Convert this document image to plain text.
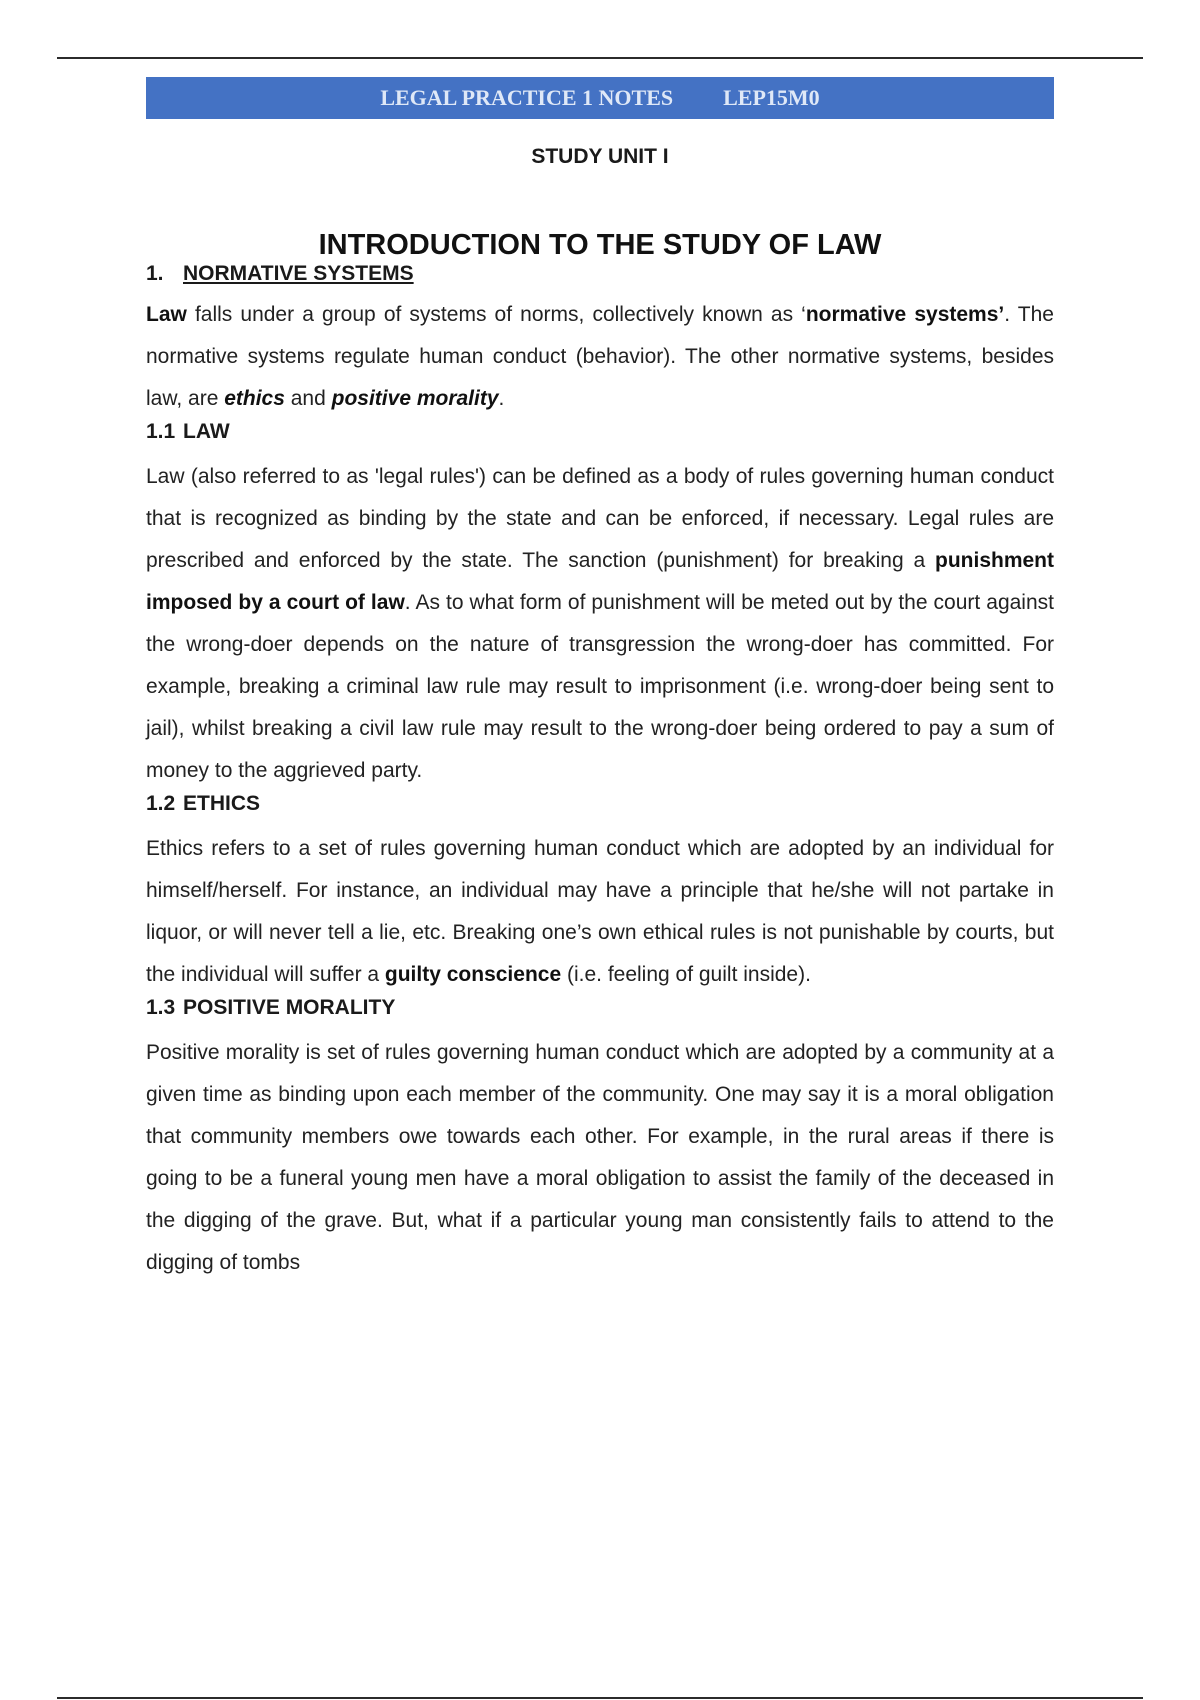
LEGAL PRACTICE 1 NOTES LEP15M0
STUDY UNIT I
INTRODUCTION TO THE STUDY OF LAW
1. NORMATIVE SYSTEMS

Law falls under a group of systems of norms, collectively known as ‘normative systems’. The normative systems regulate human conduct (behavior). The other normative systems, besides law, are ethics and positive morality.

1.1 LAW

Law (also referred to as 'legal rules') can be defined as a body of rules governing human conduct that is recognized as binding by the state and can be enforced, if necessary. Legal rules are prescribed and enforced by the state. The sanction (punishment) for breaking a punishment imposed by a court of law. As to what form of punishment will be meted out by the court against the wrong-doer depends on the nature of transgression the wrong-doer has committed. For example, breaking a criminal law rule may result to imprisonment (i.e. wrong-doer being sent to jail), whilst breaking a civil law rule may result to the wrong-doer being ordered to pay a sum of money to the aggrieved party.

1.2 ETHICS

Ethics refers to a set of rules governing human conduct which are adopted by an individual for himself/herself. For instance, an individual may have a principle that he/she will not partake in liquor, or will never tell a lie, etc. Breaking one’s own ethical rules is not punishable by courts, but the individual will suffer a guilty conscience (i.e. feeling of guilt inside).

1.3 POSITIVE MORALITY

Positive morality is set of rules governing human conduct which are adopted by a community at a given time as binding upon each member of the community. One may say it is a moral obligation that community members owe towards each other. For example, in the rural areas if there is going to be a funeral young men have a moral obligation to assist the family of the deceased in the digging of the grave. But, what if a particular young man consistently fails to attend to the digging of tombs
